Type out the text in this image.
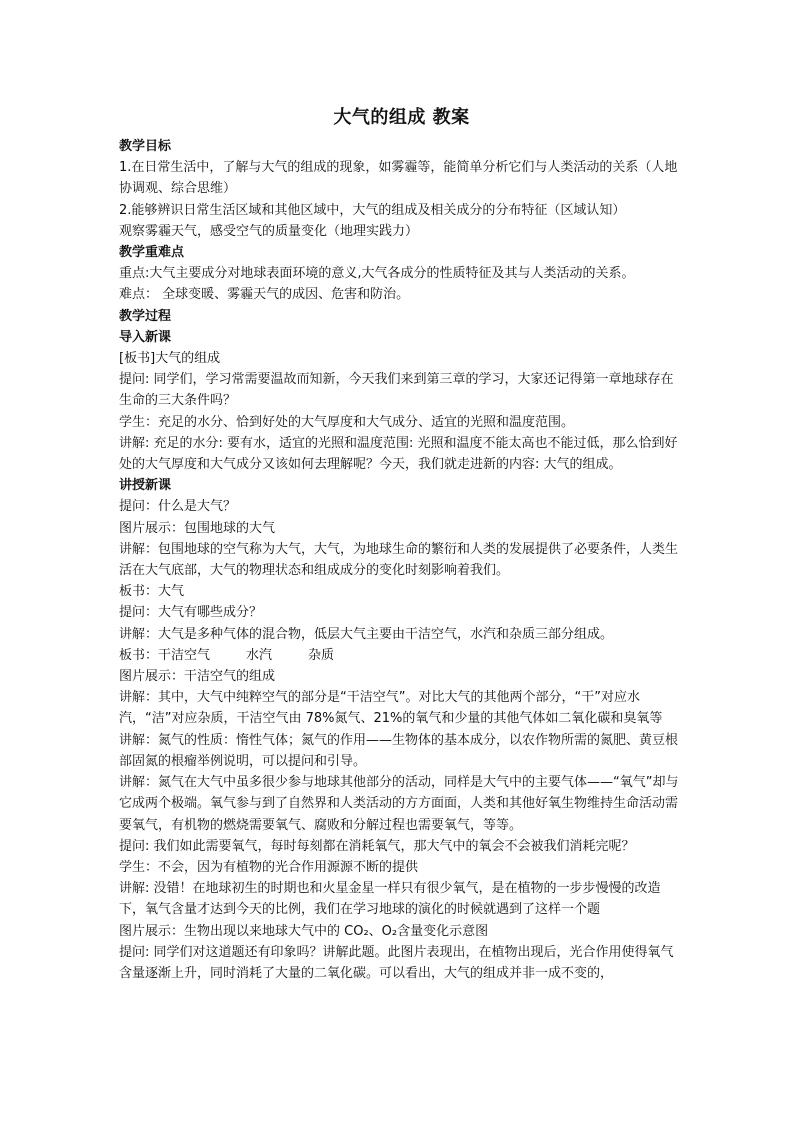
大气的组成 教案
教学目标
1.在日常生活中，了解与大气的组成的现象，如雾霾等，能简单分析它们与人类活动的关系（人地协调观、综合思维）
2.能够辨识日常生活区域和其他区域中，大气的组成及相关成分的分布特征（区域认知）
观察雾霾天气，感受空气的质量变化（地理实践力）
教学重难点
重点:大气主要成分对地球表面环境的意义,大气各成分的性质特征及其与人类活动的关系。
难点： 全球变暖、雾霾天气的成因、危害和防治。
教学过程
导入新课
[板书]大气的组成
提问: 同学们，学习常需要温故而知新，今天我们来到第三章的学习，大家还记得第一章地球存在生命的三大条件吗？
学生：充足的水分、恰到好处的大气厚度和大气成分、适宜的光照和温度范围。
讲解: 充足的水分: 要有水，适宜的光照和温度范围: 光照和温度不能太高也不能过低，那么恰到好处的大气厚度和大气成分又该如何去理解呢？今天，我们就走进新的内容: 大气的组成。
讲授新课
提问：什么是大气？
图片展示：包围地球的大气
讲解：包围地球的空气称为大气，大气，为地球生命的繁衍和人类的发展提供了必要条件，人类生活在大气底部，大气的物理状态和组成成分的变化时刻影响着我们。
板书：大气
提问：大气有哪些成分？
讲解：大气是多种气体的混合物，低层大气主要由干洁空气，水汽和杂质三部分组成。
板书：干洁空气	水汽	杂质
图片展示：干洁空气的组成
讲解：其中，大气中纯粹空气的部分是“干洁空气”。对比大气的其他两个部分，“干”对应水汽，“洁”对应杂质，干洁空气由 78%氮气、21%的氧气和少量的其他气体如二氧化碳和臭氧等
讲解：氮气的性质：惰性气体；氮气的作用——生物体的基本成分，以农作物所需的氮肥、黄豆根部固氮的根瘤举例说明，可以提问和引导。
讲解：氮气在大气中虽多很少参与地球其他部分的活动，同样是大气中的主要气体——“氧气”却与它成两个极端。氧气参与到了自然界和人类活动的方方面面，人类和其他好氧生物维持生命活动需要氧气，有机物的燃烧需要氧气、腐败和分解过程也需要氧气，等等。
提问: 我们如此需要氧气，每时每刻都在消耗氧气，那大气中的氧会不会被我们消耗完呢？
学生：不会，因为有植物的光合作用源源不断的提供
讲解: 没错！在地球初生的时期也和火星金星一样只有很少氧气，是在植物的一步步慢慢的改造下，氧气含量才达到今天的比例，我们在学习地球的演化的时候就遇到了这样一个题
图片展示：生物出现以来地球大气中的 CO₂、O₂含量变化示意图
提问: 同学们对这道题还有印象吗？讲解此题。此图片表现出，在植物出现后，光合作用使得氧气含量逐渐上升，同时消耗了大量的二氧化碳。可以看出，大气的组成并非一成不变的，
